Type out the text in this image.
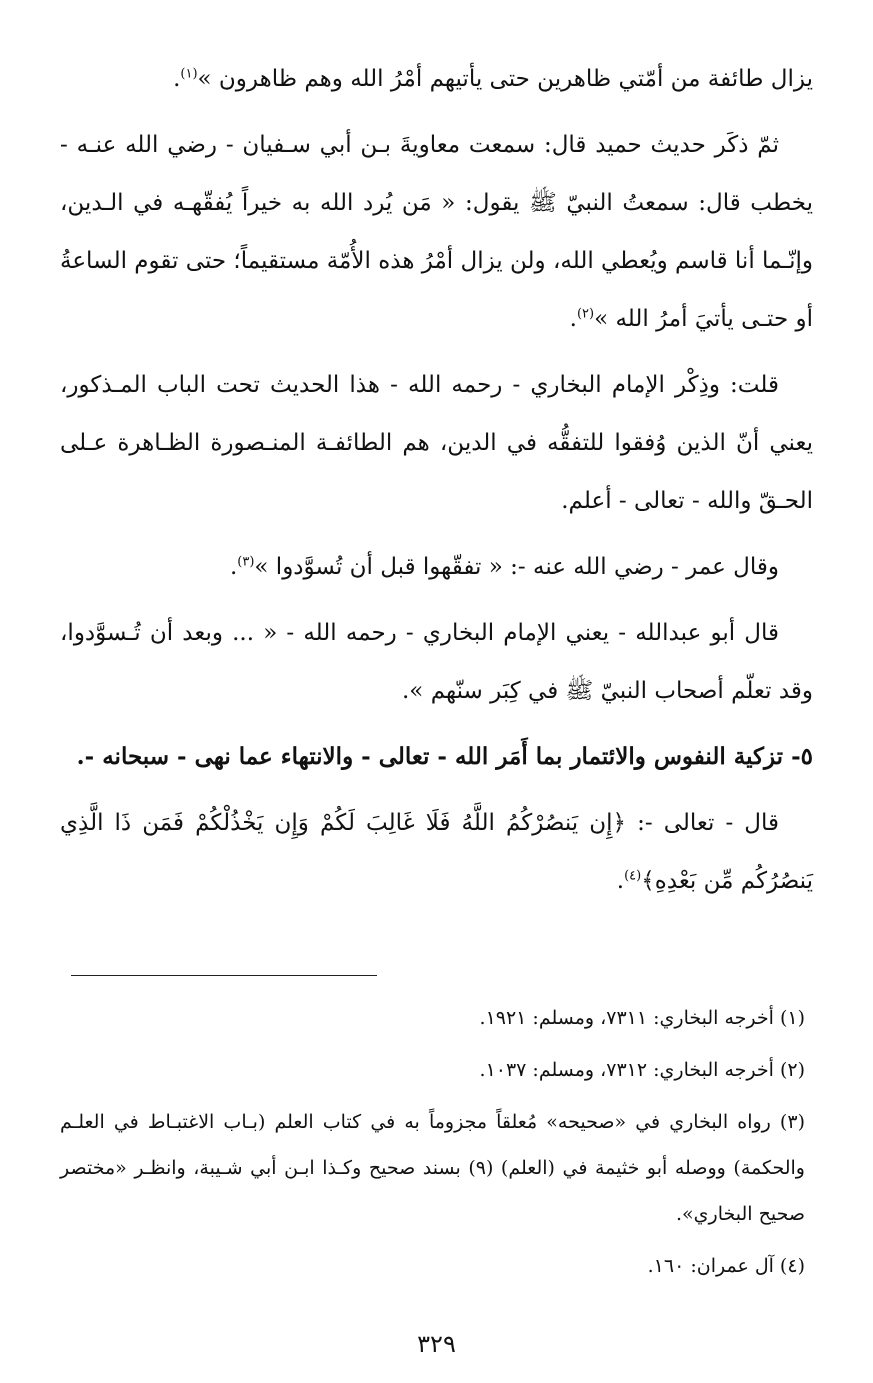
يزال طائفة من أمّتي ظاهرين حتى يأتيهم أمْرُ الله وهم ظاهرون »$^{(١)}$.

ثمّ ذكَر حديث حميد قال: سمعت معاويةَ بـن أبي سـفيان - رضي الله عنـه - يخطب قال: سمعتُ النبيّ ﷺ يقول: « مَن يُرد الله به خيراً يُفقّهـه في الـدين، وإنّـما أنا قاسم ويُعطي الله، ولن يزال أمْرُ هذه الأُمّة مستقيماً؛ حتى تقوم الساعةُ أو حتـى يأتيَ أمرُ الله »$^{(٢)}$.

قلت: وذِكْر الإمام البخاري - رحمه الله - هذا الحديث تحت الباب المـذكور، يعني أنّ الذين وُفقوا للتفقُّه في الدين، هم الطائفـة المنـصورة الظـاهرة عـلى الحـقّ والله - تعالى - أعلم.

وقال عمر - رضي الله عنه -: « تفقّهوا قبل أن تُسوَّدوا »$^{(٣)}$.

قال أبو عبدالله - يعني الإمام البخاري - رحمه الله - « ... وبعد أن تُـسوَّدوا، وقد تعلّم أصحاب النبيّ ﷺ في كِبَر سنّهم ».

٥- تزكية النفوس والائتمار بما أَمَر الله - تعالى - والانتهاء عما نهى - سبحانه -.

قال - تعالى -: ﴿إِن يَنصُرْكُمُ اللَّهُ فَلَا غَالِبَ لَكُمْ وَإِن يَخْذُلْكُمْ فَمَن ذَا الَّذِي يَنصُرُكُم مِّن بَعْدِهِ﴾$^{(٤)}$.

(١) أخرجه البخاري: ٧٣١١، ومسلم: ١٩٢١.

(٢) أخرجه البخاري: ٧٣١٢، ومسلم: ١٠٣٧.

(٣) رواه البخاري في «صحيحه» مُعلقاً مجزوماً به في كتاب العلم (بـاب الاغتبـاط في العلـم والحكمة) ووصله أبو خثيمة في (العلم) (٩) بسند صحيح وكـذا ابـن أبي شـيبة، وانظـر «مختصر صحيح البخاري».

(٤) آل عمران: ١٦٠.

٣٢٩
